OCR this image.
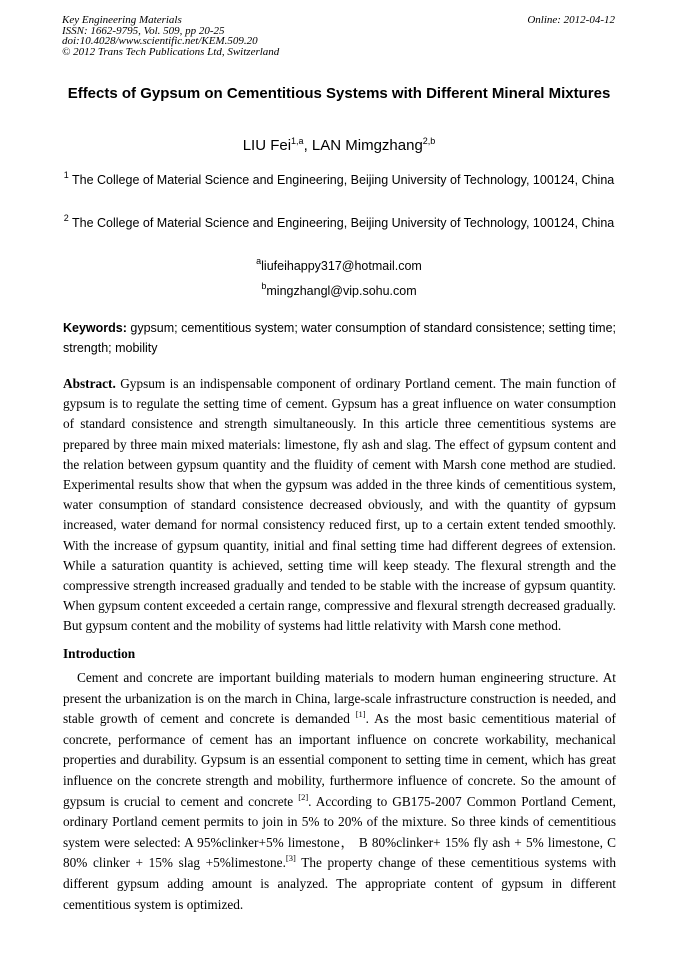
Key Engineering Materials
ISSN: 1662-9795, Vol. 509, pp 20-25
doi:10.4028/www.scientific.net/KEM.509.20
© 2012 Trans Tech Publications Ltd, Switzerland
Online: 2012-04-12
Effects of Gypsum on Cementitious Systems with Different Mineral Mixtures
LIU Fei$^{1,a}$, LAN Mimgzhang$^{2,b}$
$^1$ The College of Material Science and Engineering, Beijing University of Technology, 100124, China
$^2$ The College of Material Science and Engineering, Beijing University of Technology, 100124, China
$^a$liufeihappy317@hotmail.com
$^b$mingzhangl@vip.sohu.com
Keywords: gypsum; cementitious system; water consumption of standard consistence; setting time; strength; mobility
Abstract. Gypsum is an indispensable component of ordinary Portland cement. The main function of gypsum is to regulate the setting time of cement. Gypsum has a great influence on water consumption of standard consistence and strength simultaneously. In this article three cementitious systems are prepared by three main mixed materials: limestone, fly ash and slag. The effect of gypsum content and the relation between gypsum quantity and the fluidity of cement with Marsh cone method are studied. Experimental results show that when the gypsum was added in the three kinds of cementitious system, water consumption of standard consistence decreased obviously, and with the quantity of gypsum increased, water demand for normal consistency reduced first, up to a certain extent tended smoothly. With the increase of gypsum quantity, initial and final setting time had different degrees of extension. While a saturation quantity is achieved, setting time will keep steady. The flexural strength and the compressive strength increased gradually and tended to be stable with the increase of gypsum quantity. When gypsum content exceeded a certain range, compressive and flexural strength decreased gradually. But gypsum content and the mobility of systems had little relativity with Marsh cone method.
Introduction
Cement and concrete are important building materials to modern human engineering structure. At present the urbanization is on the march in China, large-scale infrastructure construction is needed, and stable growth of cement and concrete is demanded [1]. As the most basic cementitious material of concrete, performance of cement has an important influence on concrete workability, mechanical properties and durability. Gypsum is an essential component to setting time in cement, which has great influence on the concrete strength and mobility, furthermore influence of concrete. So the amount of gypsum is crucial to cement and concrete [2]. According to GB175-2007 Common Portland Cement, ordinary Portland cement permits to join in 5% to 20% of the mixture. So three kinds of cementitious system were selected: A 95%clinker+5% limestone， B 80%clinker+ 15% fly ash + 5% limestone, C 80% clinker + 15% slag +5%limestone.[3] The property change of these cementitious systems with different gypsum adding amount is analyzed. The appropriate content of gypsum in different cementitious system is optimized.
